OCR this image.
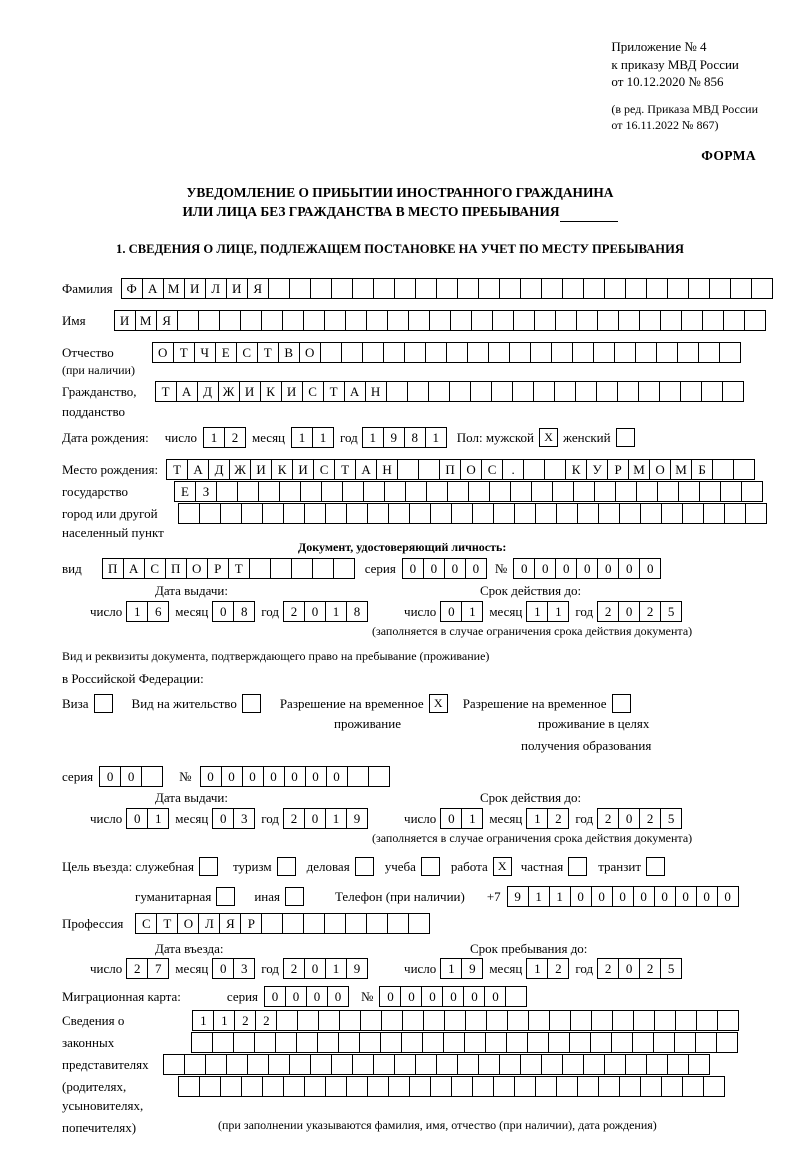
Приложение № 4
к приказу МВД России
от 10.12.2020 № 856
(в ред. Приказа МВД России
от 16.11.2022 № 867)
ФОРМА
УВЕДОМЛЕНИЕ О ПРИБЫТИИ ИНОСТРАННОГО ГРАЖДАНИНА
ИЛИ ЛИЦА БЕЗ ГРАЖДАНСТВА В МЕСТО ПРЕБЫВАНИЯ
1. СВЕДЕНИЯ О ЛИЦЕ, ПОДЛЕЖАЩЕМ ПОСТАНОВКЕ НА УЧЕТ ПО МЕСТУ ПРЕБЫВАНИЯ
Фамилия	Ф А М И Л И Я
Имя	И М Я
Отчество	О Т Ч Е С Т В О
(при наличии)
Гражданство,	Т А Д Ж И К И С Т А Н
подданство
Дата рождения: число	1	2	месяц	1	1	год 1	9	8	1	Пол: мужской X женский
Место рождения:	Т А Д Ж И К И С Т А Н	П О С	.	К У Р М О М Б
государство	Е	З
город или другой
населенный пункт
Документ, удостоверяющий личность:
вид	П А С П О Р	Т	серия	0	0	0	0	№	0	0	0	0	0	0	0
Дата выдачи:	Срок действия до:
число 1	6	месяц 0	8	год 2	0	1	8	число 0	1	месяц 1	1	год 2	0	2	5
(заполняется в случае ограничения срока действия документа)
Вид и реквизиты документа, подтверждающего право на пребывание (проживание)
в Российской Федерации:
Виза	Вид на жительство	Разрешение на временное X	Разрешение на временное
проживание	проживание в целях
получения образования
серия	0	0	№	0	0	0	0	0	0	0
Дата выдачи:	Срок действия до:
число 0	1	месяц 0	3	год 2	0	1	9	число 0	1	месяц 1	2	год 2	0	2	5
(заполняется в случае ограничения срока действия документа)
Цель въезда: служебная	туризм	деловая	учеба	работа X	частная	транзит
гуманитарная	иная	Телефон (при наличии) +7	9	1	1	0	0	0	0	0	0	0	0
Профессия	С Т О Л Я	Р
Дата въезда:	Срок пребывания до:
число 2	7	месяц 0	3	год 2	0	1	9	число 1	9	месяц 1	2	год 2	0	2	5
Миграционная карта:	серия	0	0	0	0	№	0	0	0	0	0	0
Сведения о	1	1	2	2
законных
представителях
(родителях,
усыновителях,
попечителях)	(при заполнении указываются фамилия, имя, отчество (при наличии), дата рождения)
